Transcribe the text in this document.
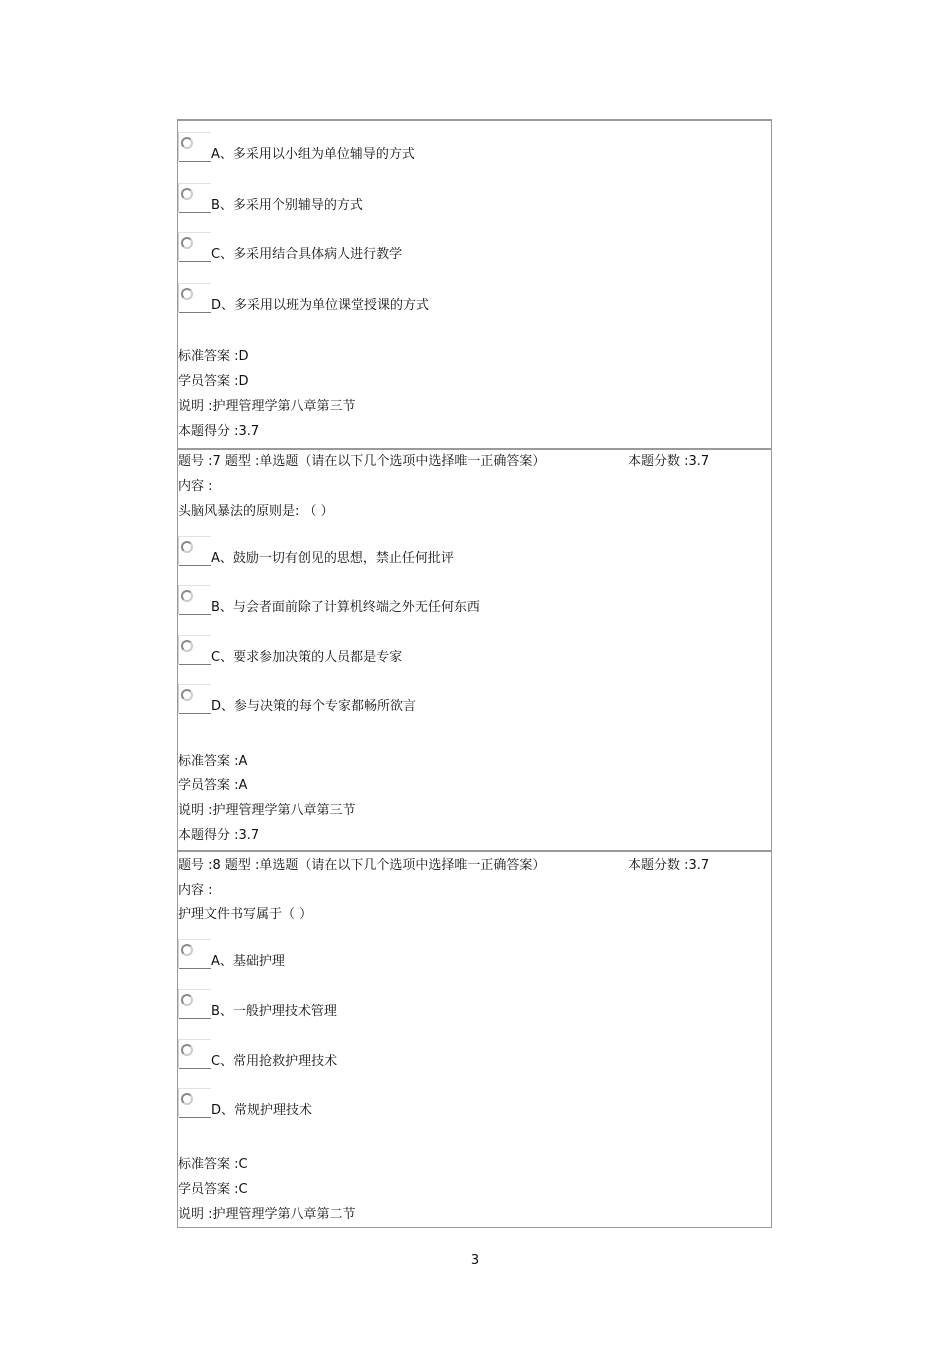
A、多采用以小组为单位辅导的方式
B、多采用个别辅导的方式
C、多采用结合具体病人进行教学
D、多采用以班为单位课堂授课的方式
标准答案 :D
学员答案 :D
说明 :护理管理学第八章第三节
本题得分 :3.7
题号 :7 题型 :单选题（请在以下几个选项中选择唯一正确答案）	本题分数 :3.7
内容 :
头脑风暴法的原则是: （ ）
A、鼓励一切有创见的思想，禁止任何批评
B、与会者面前除了计算机终端之外无任何东西
C、要求参加决策的人员都是专家
D、参与决策的每个专家都畅所欲言
标准答案 :A
学员答案 :A
说明 :护理管理学第八章第三节
本题得分 :3.7
题号 :8 题型 :单选题（请在以下几个选项中选择唯一正确答案）	本题分数 :3.7
内容 :
护理文件书写属于（ ）
A、基础护理
B、一般护理技术管理
C、常用抢救护理技术
D、常规护理技术
标准答案 :C
学员答案 :C
说明 :护理管理学第八章第二节
3
